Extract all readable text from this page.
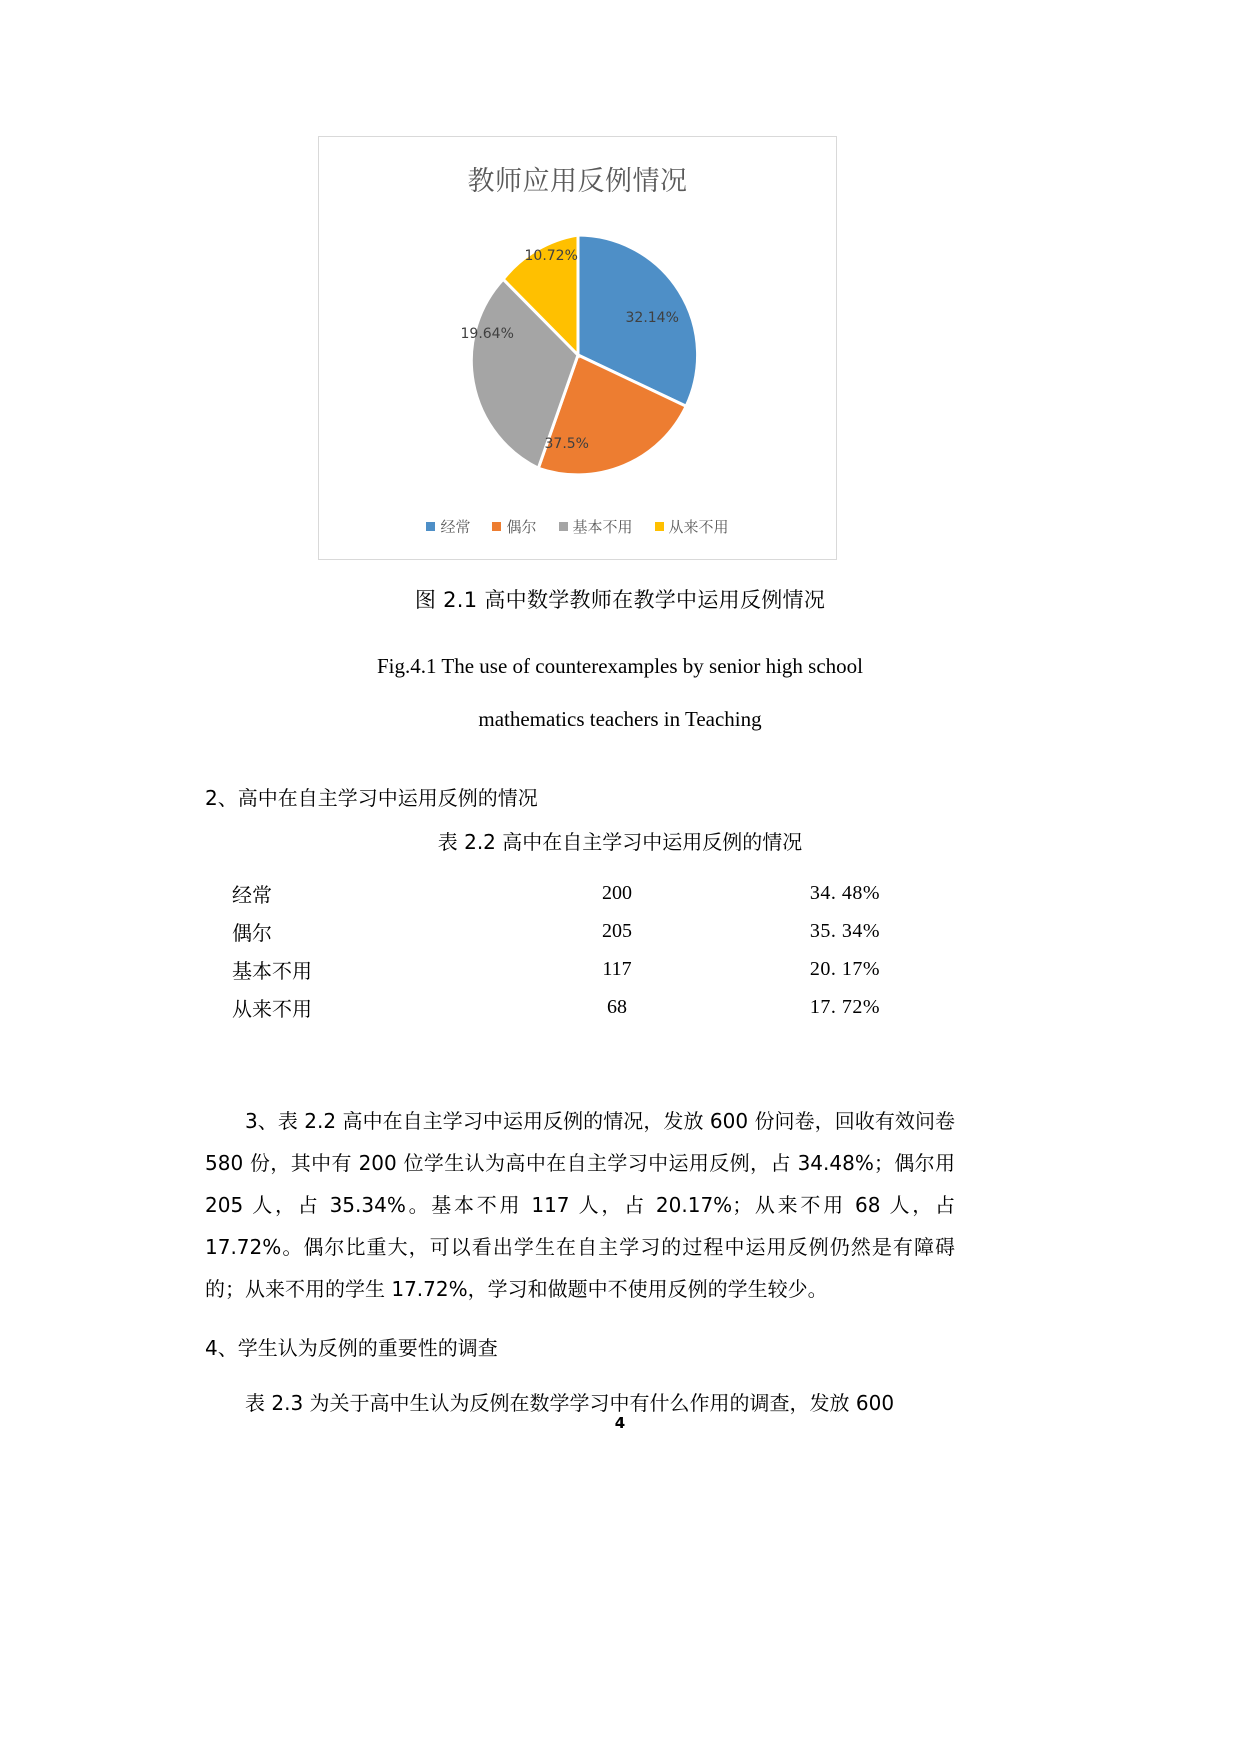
教师应用反例情况
32.14%
37.5%
19.64%
10.72%
经常 偶尔 基本不用 从来不用
图 2.1 高中数学教师在教学中运用反例情况
Fig.4.1 The use of counterexamples by senior high school
mathematics teachers in Teaching
2、高中在自主学习中运用反例的情况
表 2.2 高中在自主学习中运用反例的情况
经常	200	34. 48%
偶尔	205	35. 34%
基本不用	117	20. 17%
从来不用	68	17. 72%
3、表 2.2 高中在自主学习中运用反例的情况，发放 600 份问卷，回收有效问卷 580 份，其中有 200 位学生认为高中在自主学习中运用反例，占 34.48%；偶尔用 205 人，占 35.34%。基本不用 117 人，占 20.17%；从来不用 68 人，占 17.72%。偶尔比重大，可以看出学生在自主学习的过程中运用反例仍然是有障碍的；从来不用的学生 17.72%，学习和做题中不使用反例的学生较少。
4、学生认为反例的重要性的调查
表 2.3 为关于高中生认为反例在数学学习中有什么作用的调查，发放 600
4
